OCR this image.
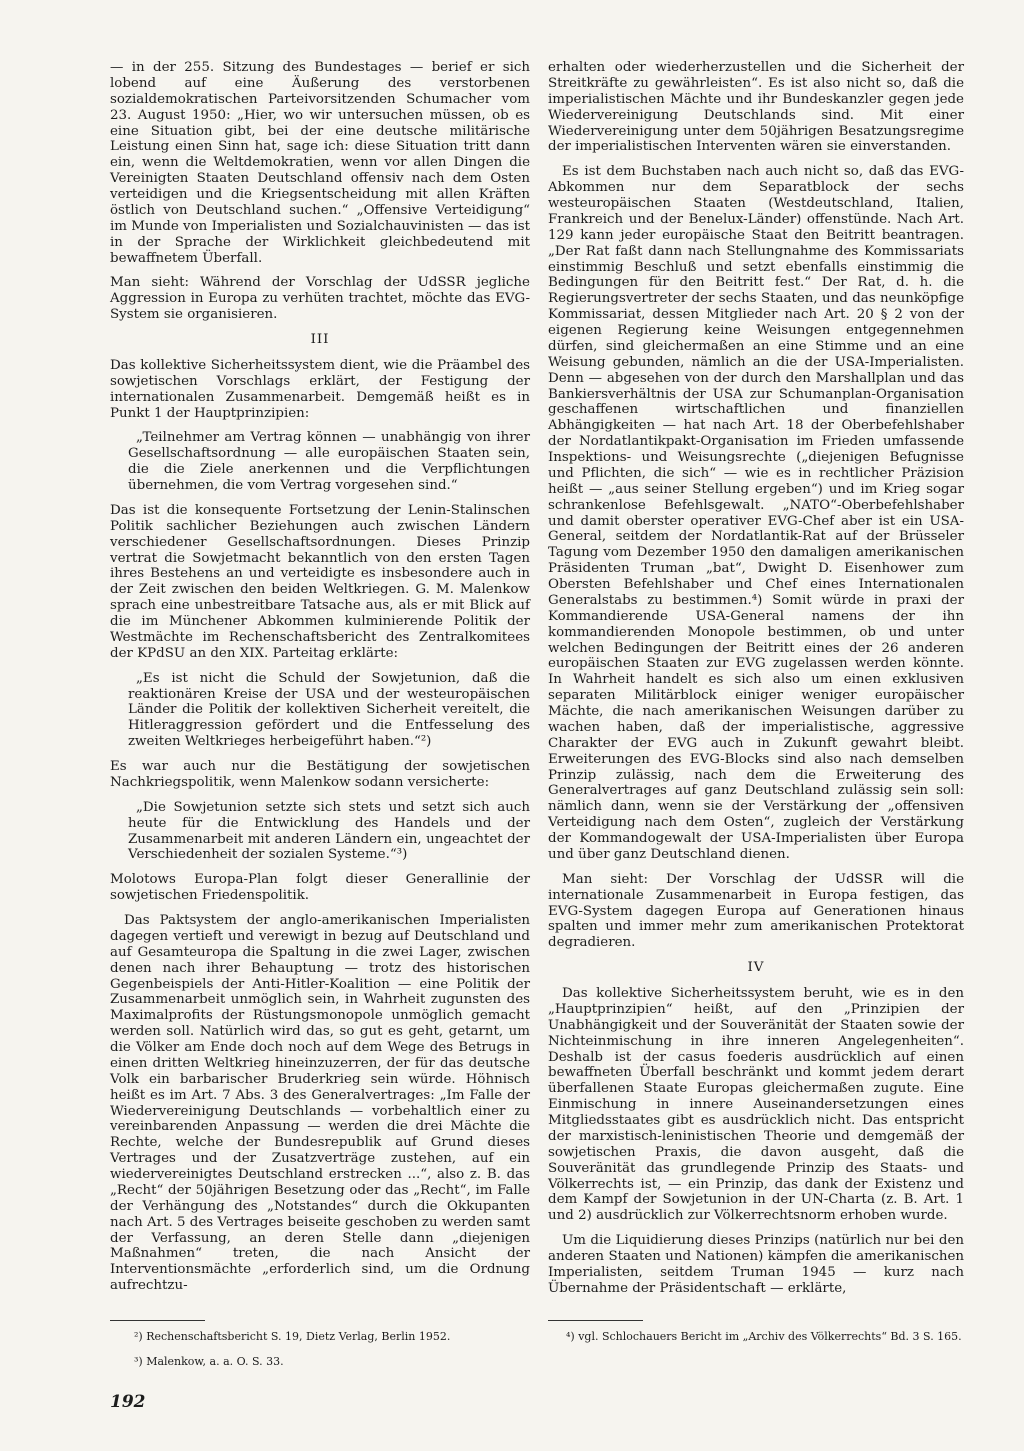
— in der 255. Sitzung des Bundestages — berief er sich lobend auf eine Äußerung des verstorbenen sozialdemokratischen Parteivorsitzenden Schumacher vom 23. August 1950: „Hier, wo wir untersuchen müssen, ob es eine Situation gibt, bei der eine deutsche militärische Leistung einen Sinn hat, sage ich: diese Situation tritt dann ein, wenn die Weltdemokratien, wenn vor allen Dingen die Vereinigten Staaten Deutschland offensiv nach dem Osten verteidigen und die Kriegsentscheidung mit allen Kräften östlich von Deutschland suchen.“ „Offensive Verteidigung“ im Munde von Imperialisten und Sozialchauvinisten — das ist in der Sprache der Wirklichkeit gleichbedeutend mit bewaffnetem Überfall.
Man sieht: Während der Vorschlag der UdSSR jegliche Aggression in Europa zu verhüten trachtet, möchte das EVG-System sie organisieren.
III
Das kollektive Sicherheitssystem dient, wie die Präambel des sowjetischen Vorschlags erklärt, der Festigung der internationalen Zusammenarbeit. Demgemäß heißt es in Punkt 1 der Hauptprinzipien:
„Teilnehmer am Vertrag können — unabhängig von ihrer Gesellschaftsordnung — alle europäischen Staaten sein, die die Ziele anerkennen und die Verpflichtungen übernehmen, die vom Vertrag vorgesehen sind.“
Das ist die konsequente Fortsetzung der Lenin-Stalinschen Politik sachlicher Beziehungen auch zwischen Ländern verschiedener Gesellschaftsordnungen. Dieses Prinzip vertrat die Sowjetmacht bekanntlich von den ersten Tagen ihres Bestehens an und verteidigte es insbesondere auch in der Zeit zwischen den beiden Weltkriegen. G. M. Malenkow sprach eine unbestreitbare Tatsache aus, als er mit Blick auf die im Münchener Abkommen kulminierende Politik der Westmächte im Rechenschaftsbericht des Zentralkomitees der KPdSU an den XIX. Parteitag erklärte:
„Es ist nicht die Schuld der Sowjetunion, daß die reaktionären Kreise der USA und der westeuropäischen Länder die Politik der kollektiven Sicherheit vereitelt, die Hitleraggression gefördert und die Entfesselung des zweiten Weltkrieges herbeigeführt haben.“²)
Es war auch nur die Bestätigung der sowjetischen Nachkriegspolitik, wenn Malenkow sodann versicherte:
„Die Sowjetunion setzte sich stets und setzt sich auch heute für die Entwicklung des Handels und der Zusammenarbeit mit anderen Ländern ein, ungeachtet der Verschiedenheit der sozialen Systeme.“³)
Molotows Europa-Plan folgt dieser Generallinie der sowjetischen Friedenspolitik.
Das Paktsystem der anglo-amerikanischen Imperialisten dagegen vertieft und verewigt in bezug auf Deutschland und auf Gesamteuropa die Spaltung in die zwei Lager, zwischen denen nach ihrer Behauptung — trotz des historischen Gegenbeispiels der Anti-Hitler-Koalition — eine Politik der Zusammenarbeit unmöglich sein, in Wahrheit zugunsten des Maximalprofits der Rüstungsmonopole unmöglich gemacht werden soll. Natürlich wird das, so gut es geht, getarnt, um die Völker am Ende doch noch auf dem Wege des Betrugs in einen dritten Weltkrieg hineinzuzerren, der für das deutsche Volk ein barbarischer Bruderkrieg sein würde. Höhnisch heißt es im Art. 7 Abs. 3 des Generalvertrages: „Im Falle der Wiedervereinigung Deutschlands — vorbehaltlich einer zu vereinbarenden Anpassung — werden die drei Mächte die Rechte, welche der Bundesrepublik auf Grund dieses Vertrages und der Zusatzverträge zustehen, auf ein wiedervereinigtes Deutschland erstrecken ...“, also z. B. das „Recht“ der 50jährigen Besetzung oder das „Recht“, im Falle der Verhängung des „Notstandes“ durch die Okkupanten nach Art. 5 des Vertrages beiseite geschoben zu werden samt der Verfassung, an deren Stelle dann „diejenigen Maßnahmen“ treten, die nach Ansicht der Interventionsmächte „erforderlich sind, um die Ordnung aufrechtzu-
erhalten oder wiederherzustellen und die Sicherheit der Streitkräfte zu gewährleisten“. Es ist also nicht so, daß die imperialistischen Mächte und ihr Bundeskanzler gegen jede Wiedervereinigung Deutschlands sind. Mit einer Wiedervereinigung unter dem 50jährigen Besatzungsregime der imperialistischen Interventen wären sie einverstanden.
Es ist dem Buchstaben nach auch nicht so, daß das EVG-Abkommen nur dem Separatblock der sechs westeuropäischen Staaten (Westdeutschland, Italien, Frankreich und der Benelux-Länder) offenstünde. Nach Art. 129 kann jeder europäische Staat den Beitritt beantragen. „Der Rat faßt dann nach Stellungnahme des Kommissariats einstimmig Beschluß und setzt ebenfalls einstimmig die Bedingungen für den Beitritt fest.“ Der Rat, d. h. die Regierungsvertreter der sechs Staaten, und das neunköpfige Kommissariat, dessen Mitglieder nach Art. 20 § 2 von der eigenen Regierung keine Weisungen entgegennehmen dürfen, sind gleichermaßen an eine Stimme und an eine Weisung gebunden, nämlich an die der USA-Imperialisten. Denn — abgesehen von der durch den Marshallplan und das Bankiersverhältnis der USA zur Schumanplan-Organisation geschaffenen wirtschaftlichen und finanziellen Abhängigkeiten — hat nach Art. 18 der Oberbefehlshaber der Nordatlantikpakt-Organisation im Frieden umfassende Inspektions- und Weisungsrechte („diejenigen Befugnisse und Pflichten, die sich“ — wie es in rechtlicher Präzision heißt — „aus seiner Stellung ergeben“) und im Krieg sogar schrankenlose Befehlsgewalt. „NATO“-Oberbefehlshaber und damit oberster operativer EVG-Chef aber ist ein USA-General, seitdem der Nordatlantik-Rat auf der Brüsseler Tagung vom Dezember 1950 den damaligen amerikanischen Präsidenten Truman „bat“, Dwight D. Eisenhower zum Obersten Befehlshaber und Chef eines Internationalen Generalstabs zu bestimmen.⁴) Somit würde in praxi der Kommandierende USA-General namens der ihn kommandierenden Monopole bestimmen, ob und unter welchen Bedingungen der Beitritt eines der 26 anderen europäischen Staaten zur EVG zugelassen werden könnte. In Wahrheit handelt es sich also um einen exklusiven separaten Militärblock einiger weniger europäischer Mächte, die nach amerikanischen Weisungen darüber zu wachen haben, daß der imperialistische, aggressive Charakter der EVG auch in Zukunft gewahrt bleibt. Erweiterungen des EVG-Blocks sind also nach demselben Prinzip zulässig, nach dem die Erweiterung des Generalvertrages auf ganz Deutschland zulässig sein soll: nämlich dann, wenn sie der Verstärkung der „offensiven Verteidigung nach dem Osten“, zugleich der Verstärkung der Kommandogewalt der USA-Imperialisten über Europa und über ganz Deutschland dienen.
Man sieht: Der Vorschlag der UdSSR will die internationale Zusammenarbeit in Europa festigen, das EVG-System dagegen Europa auf Generationen hinaus spalten und immer mehr zum amerikanischen Protektorat degradieren.
IV
Das kollektive Sicherheitssystem beruht, wie es in den „Hauptprinzipien“ heißt, auf den „Prinzipien der Unabhängigkeit und der Souveränität der Staaten sowie der Nichteinmischung in ihre inneren Angelegenheiten“. Deshalb ist der casus foederis ausdrücklich auf einen bewaffneten Überfall beschränkt und kommt jedem derart überfallenen Staate Europas gleichermaßen zugute. Eine Einmischung in innere Auseinandersetzungen eines Mitgliedsstaates gibt es ausdrücklich nicht. Das entspricht der marxistisch-leninistischen Theorie und demgemäß der sowjetischen Praxis, die davon ausgeht, daß die Souveränität das grundlegende Prinzip des Staats- und Völkerrechts ist, — ein Prinzip, das dank der Existenz und dem Kampf der Sowjetunion in der UN-Charta (z. B. Art. 1 und 2) ausdrücklich zur Völkerrechtsnorm erhoben wurde.
Um die Liquidierung dieses Prinzips (natürlich nur bei den anderen Staaten und Nationen) kämpfen die amerikanischen Imperialisten, seitdem Truman 1945 — kurz nach Übernahme der Präsidentschaft — erklärte,
²) Rechenschaftsbericht S. 19, Dietz Verlag, Berlin 1952.
³) Malenkow, a. a. O. S. 33.
⁴) vgl. Schlochauers Bericht im „Archiv des Völkerrechts“ Bd. 3 S. 165.
192
